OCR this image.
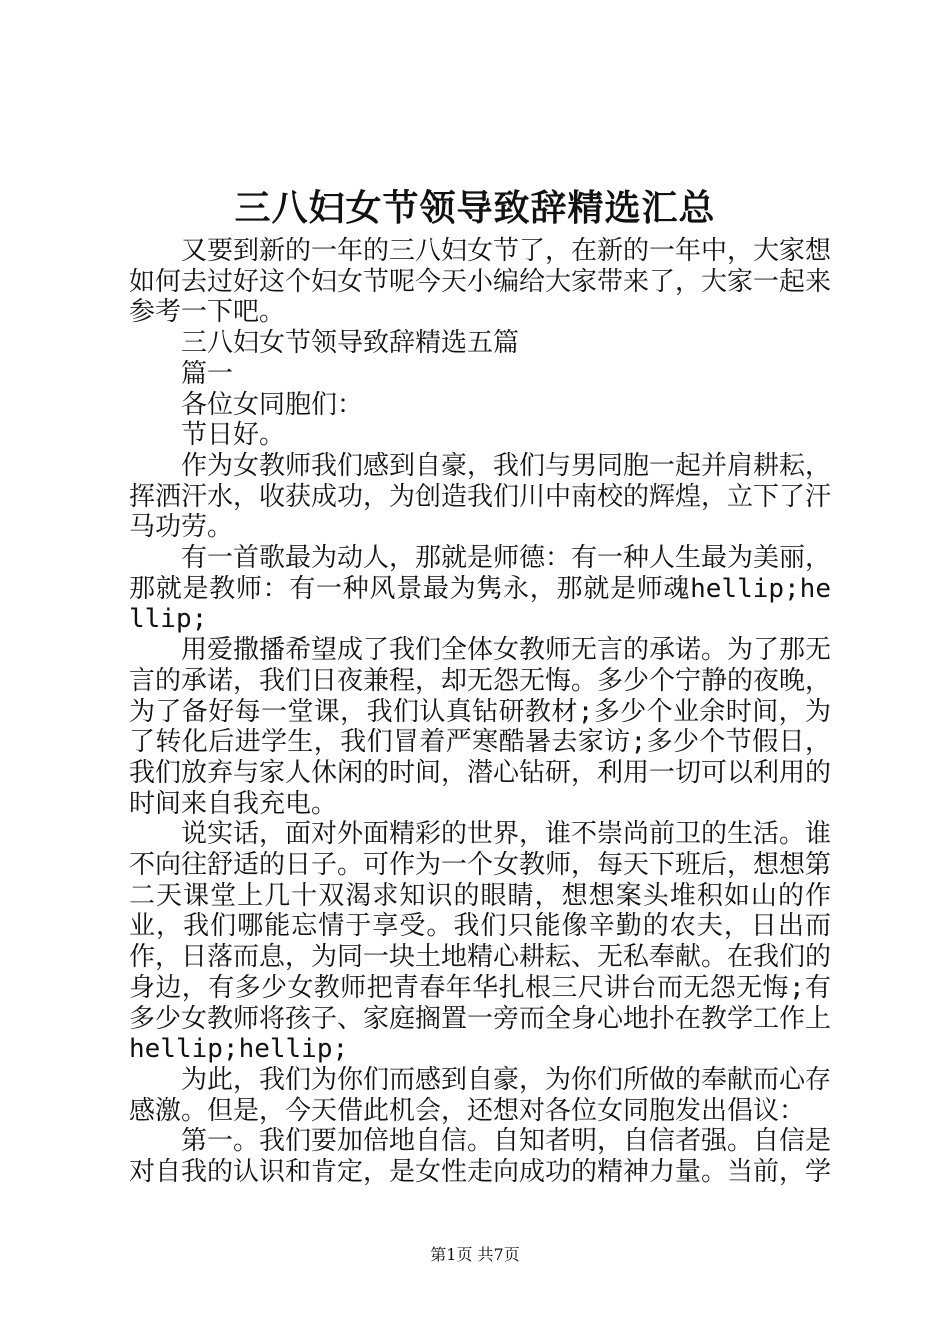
三八妇女节领导致辞精选汇总

又要到新的一年的三八妇女节了，在新的一年中，大家想如何去过好这个妇女节呢今天小编给大家带来了，大家一起来参考一下吧。

三八妇女节领导致辞精选五篇

篇一

各位女同胞们：

节日好。

作为女教师我们感到自豪，我们与男同胞一起并肩耕耘，挥洒汗水，收获成功，为创造我们川中南校的辉煌，立下了汗马功劳。

有一首歌最为动人，那就是师德：有一种人生最为美丽，那就是教师：有一种风景最为隽永，那就是师魂hellip;hellip;

用爱撒播希望成了我们全体女教师无言的承诺。为了那无言的承诺，我们日夜兼程，却无怨无悔。多少个宁静的夜晚，为了备好每一堂课，我们认真钻研教材;多少个业余时间，为了转化后进学生，我们冒着严寒酷暑去家访;多少个节假日，我们放弃与家人休闲的时间，潜心钻研，利用一切可以利用的时间来自我充电。

说实话，面对外面精彩的世界，谁不崇尚前卫的生活。谁不向往舒适的日子。可作为一个女教师，每天下班后，想想第二天课堂上几十双渴求知识的眼睛，想想案头堆积如山的作业，我们哪能忘情于享受。我们只能像辛勤的农夫，日出而作，日落而息，为同一块土地精心耕耘、无私奉献。在我们的身边，有多少女教师把青春年华扎根三尺讲台而无怨无悔;有多少女教师将孩子、家庭搁置一旁而全身心地扑在教学工作上hellip;hellip;

为此，我们为你们而感到自豪，为你们所做的奉献而心存感激。但是，今天借此机会，还想对各位女同胞发出倡议：

第一。我们要加倍地自信。自知者明，自信者强。自信是对自我的认识和肯定，是女性走向成功的精神力量。当前，学

第1页 共7页
